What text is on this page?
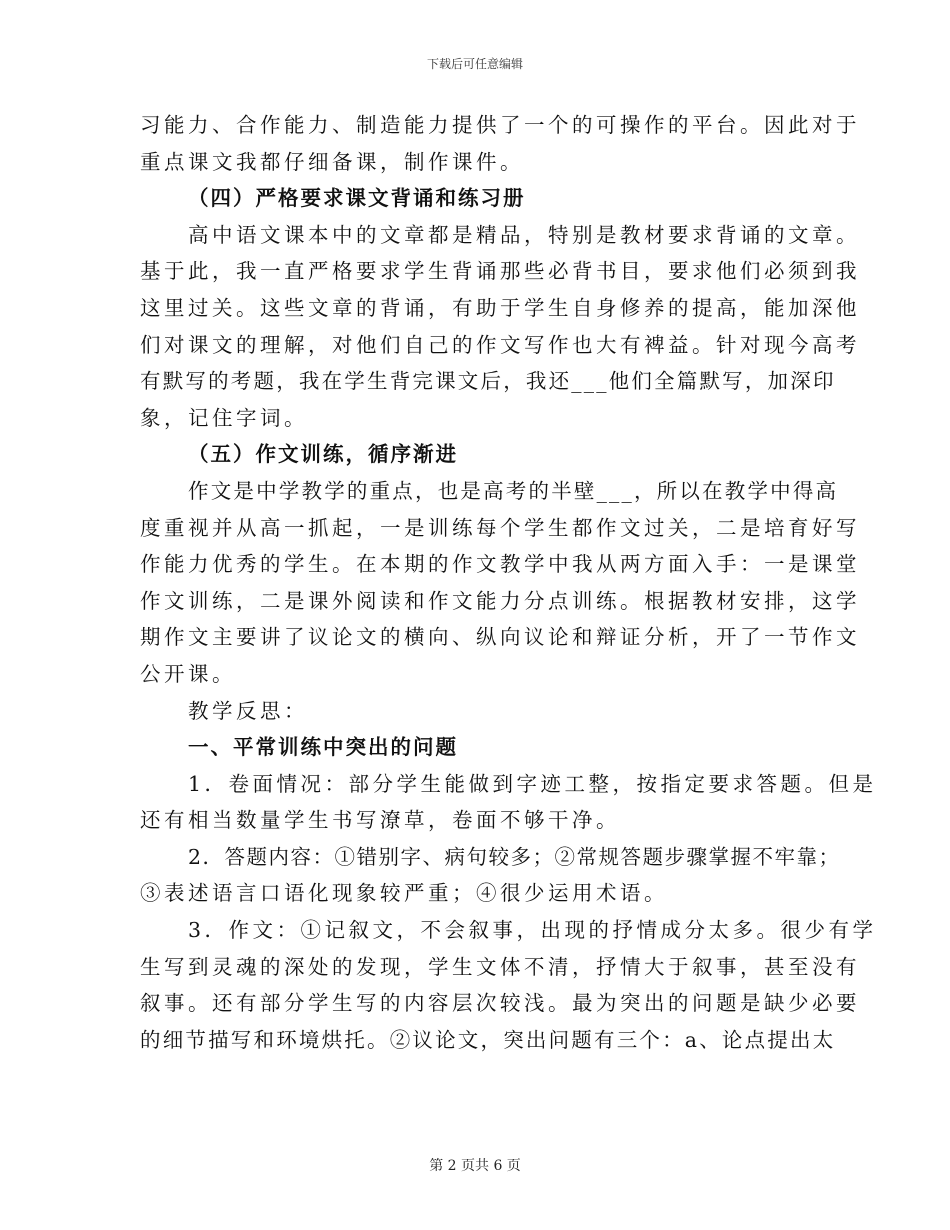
下载后可任意编辑
习能力、合作能力、制造能力提供了一个的可操作的平台。因此对于
重点课文我都仔细备课，制作课件。
（四）严格要求课文背诵和练习册
高中语文课本中的文章都是精品，特别是教材要求背诵的文章。
基于此，我一直严格要求学生背诵那些必背书目，要求他们必须到我
这里过关。这些文章的背诵，有助于学生自身修养的提高，能加深他
们对课文的理解，对他们自己的作文写作也大有裨益。针对现今高考
有默写的考题，我在学生背完课文后，我还___他们全篇默写，加深印
象，记住字词。
（五）作文训练，循序渐进
作文是中学教学的重点，也是高考的半壁___，所以在教学中得高
度重视并从高一抓起，一是训练每个学生都作文过关，二是培育好写
作能力优秀的学生。在本期的作文教学中我从两方面入手：一是课堂
作文训练，二是课外阅读和作文能力分点训练。根据教材安排，这学
期作文主要讲了议论文的横向、纵向议论和辩证分析，开了一节作文
公开课。
教学反思：
一、平常训练中突出的问题
1．卷面情况：部分学生能做到字迹工整，按指定要求答题。但是
还有相当数量学生书写潦草，卷面不够干净。
2．答题内容：①错别字、病句较多；②常规答题步骤掌握不牢靠；
③表述语言口语化现象较严重；④很少运用术语。
3．作文：①记叙文，不会叙事，出现的抒情成分太多。很少有学
生写到灵魂的深处的发现，学生文体不清，抒情大于叙事，甚至没有
叙事。还有部分学生写的内容层次较浅。最为突出的问题是缺少必要
的细节描写和环境烘托。②议论文，突出问题有三个：a、论点提出太
第 2 页共 6 页
